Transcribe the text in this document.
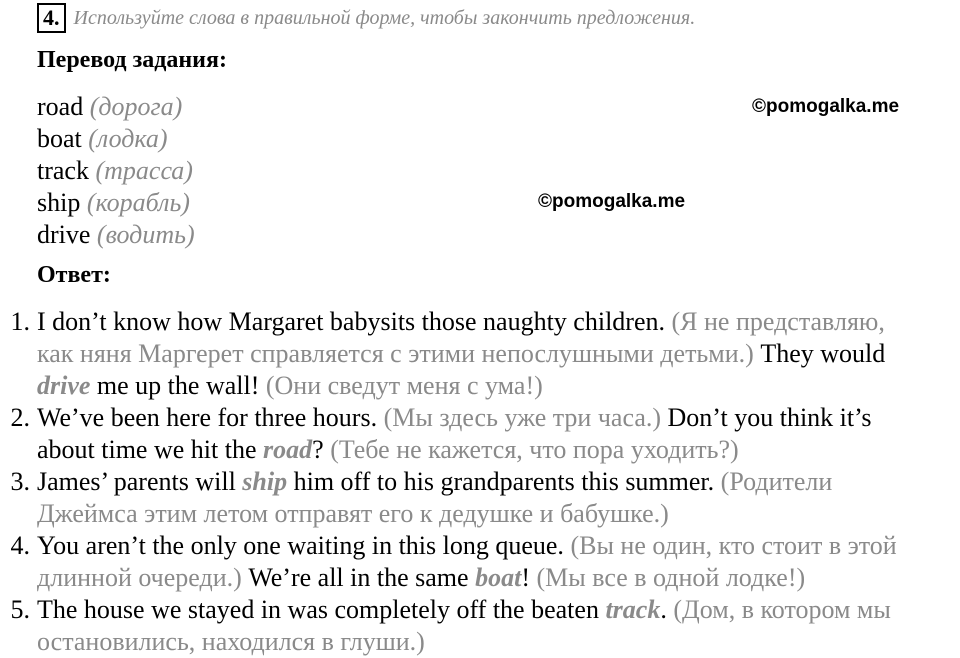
4. Используйте слова в правильной форме, чтобы закончить предложения.
Перевод задания:
road (дорога)
boat (лодка)
track (трасса)
ship (корабль)
drive (водить)
©pomogalka.me
©pomogalka.me
Ответ:
1. I don’t know how Margaret babysits those naughty children. (Я не представляю,
как няня Маргерет справляется с этими непослушными детьми.) They would
drive me up the wall! (Они сведут меня с ума!)
2. We’ve been here for three hours. (Мы здесь уже три часа.) Don’t you think it’s
about time we hit the road? (Тебе не кажется, что пора уходить?)
3. James’ parents will ship him off to his grandparents this summer. (Родители
Джеймса этим летом отправят его к дедушке и бабушке.)
4. You aren’t the only one waiting in this long queue. (Вы не один, кто стоит в этой
длинной очереди.) We’re all in the same boat! (Мы все в одной лодке!)
5. The house we stayed in was completely off the beaten track. (Дом, в котором мы
остановились, находился в глуши.)
